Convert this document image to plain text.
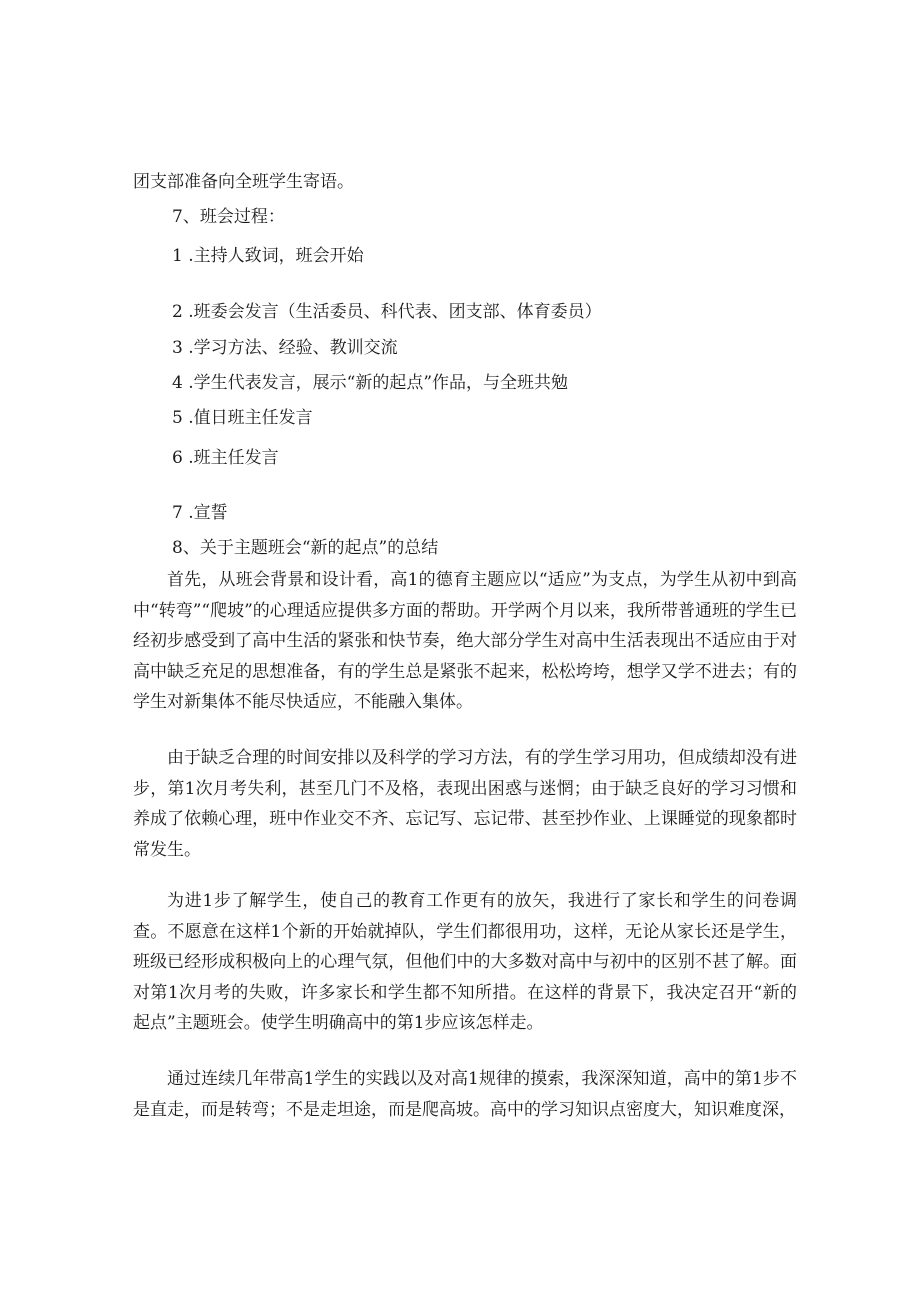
团支部准备向全班学生寄语。

7、班会过程：

1 .主持人致词，班会开始

2 .班委会发言（生活委员、科代表、团支部、体育委员）

3 .学习方法、经验、教训交流

4 .学生代表发言，展示“新的起点”作品，与全班共勉

5 .值日班主任发言

6 .班主任发言

7 .宣誓

8、关于主题班会“新的起点”的总结

首先，从班会背景和设计看，高1的德育主题应以“适应”为支点，为学生从初中到高中“转弯”“爬坡”的心理适应提供多方面的帮助。开学两个月以来，我所带普通班的学生已经初步感受到了高中生活的紧张和快节奏，绝大部分学生对高中生活表现出不适应由于对高中缺乏充足的思想准备，有的学生总是紧张不起来，松松垮垮，想学又学不进去；有的学生对新集体不能尽快适应，不能融入集体。

由于缺乏合理的时间安排以及科学的学习方法，有的学生学习用功，但成绩却没有进步，第1次月考失利，甚至几门不及格，表现出困惑与迷惘；由于缺乏良好的学习习惯和养成了依赖心理，班中作业交不齐、忘记写、忘记带、甚至抄作业、上课睡觉的现象都时常发生。

为进1步了解学生，使自己的教育工作更有的放矢，我进行了家长和学生的问卷调查。不愿意在这样1个新的开始就掉队，学生们都很用功，这样，无论从家长还是学生，班级已经形成积极向上的心理气氛，但他们中的大多数对高中与初中的区别不甚了解。面对第1次月考的失败，许多家长和学生都不知所措。在这样的背景下，我决定召开“新的起点”主题班会。使学生明确高中的第1步应该怎样走。

通过连续几年带高1学生的实践以及对高1规律的摸索，我深深知道，高中的第1步不是直走，而是转弯；不是走坦途，而是爬高坡。高中的学习知识点密度大，知识难度深，
